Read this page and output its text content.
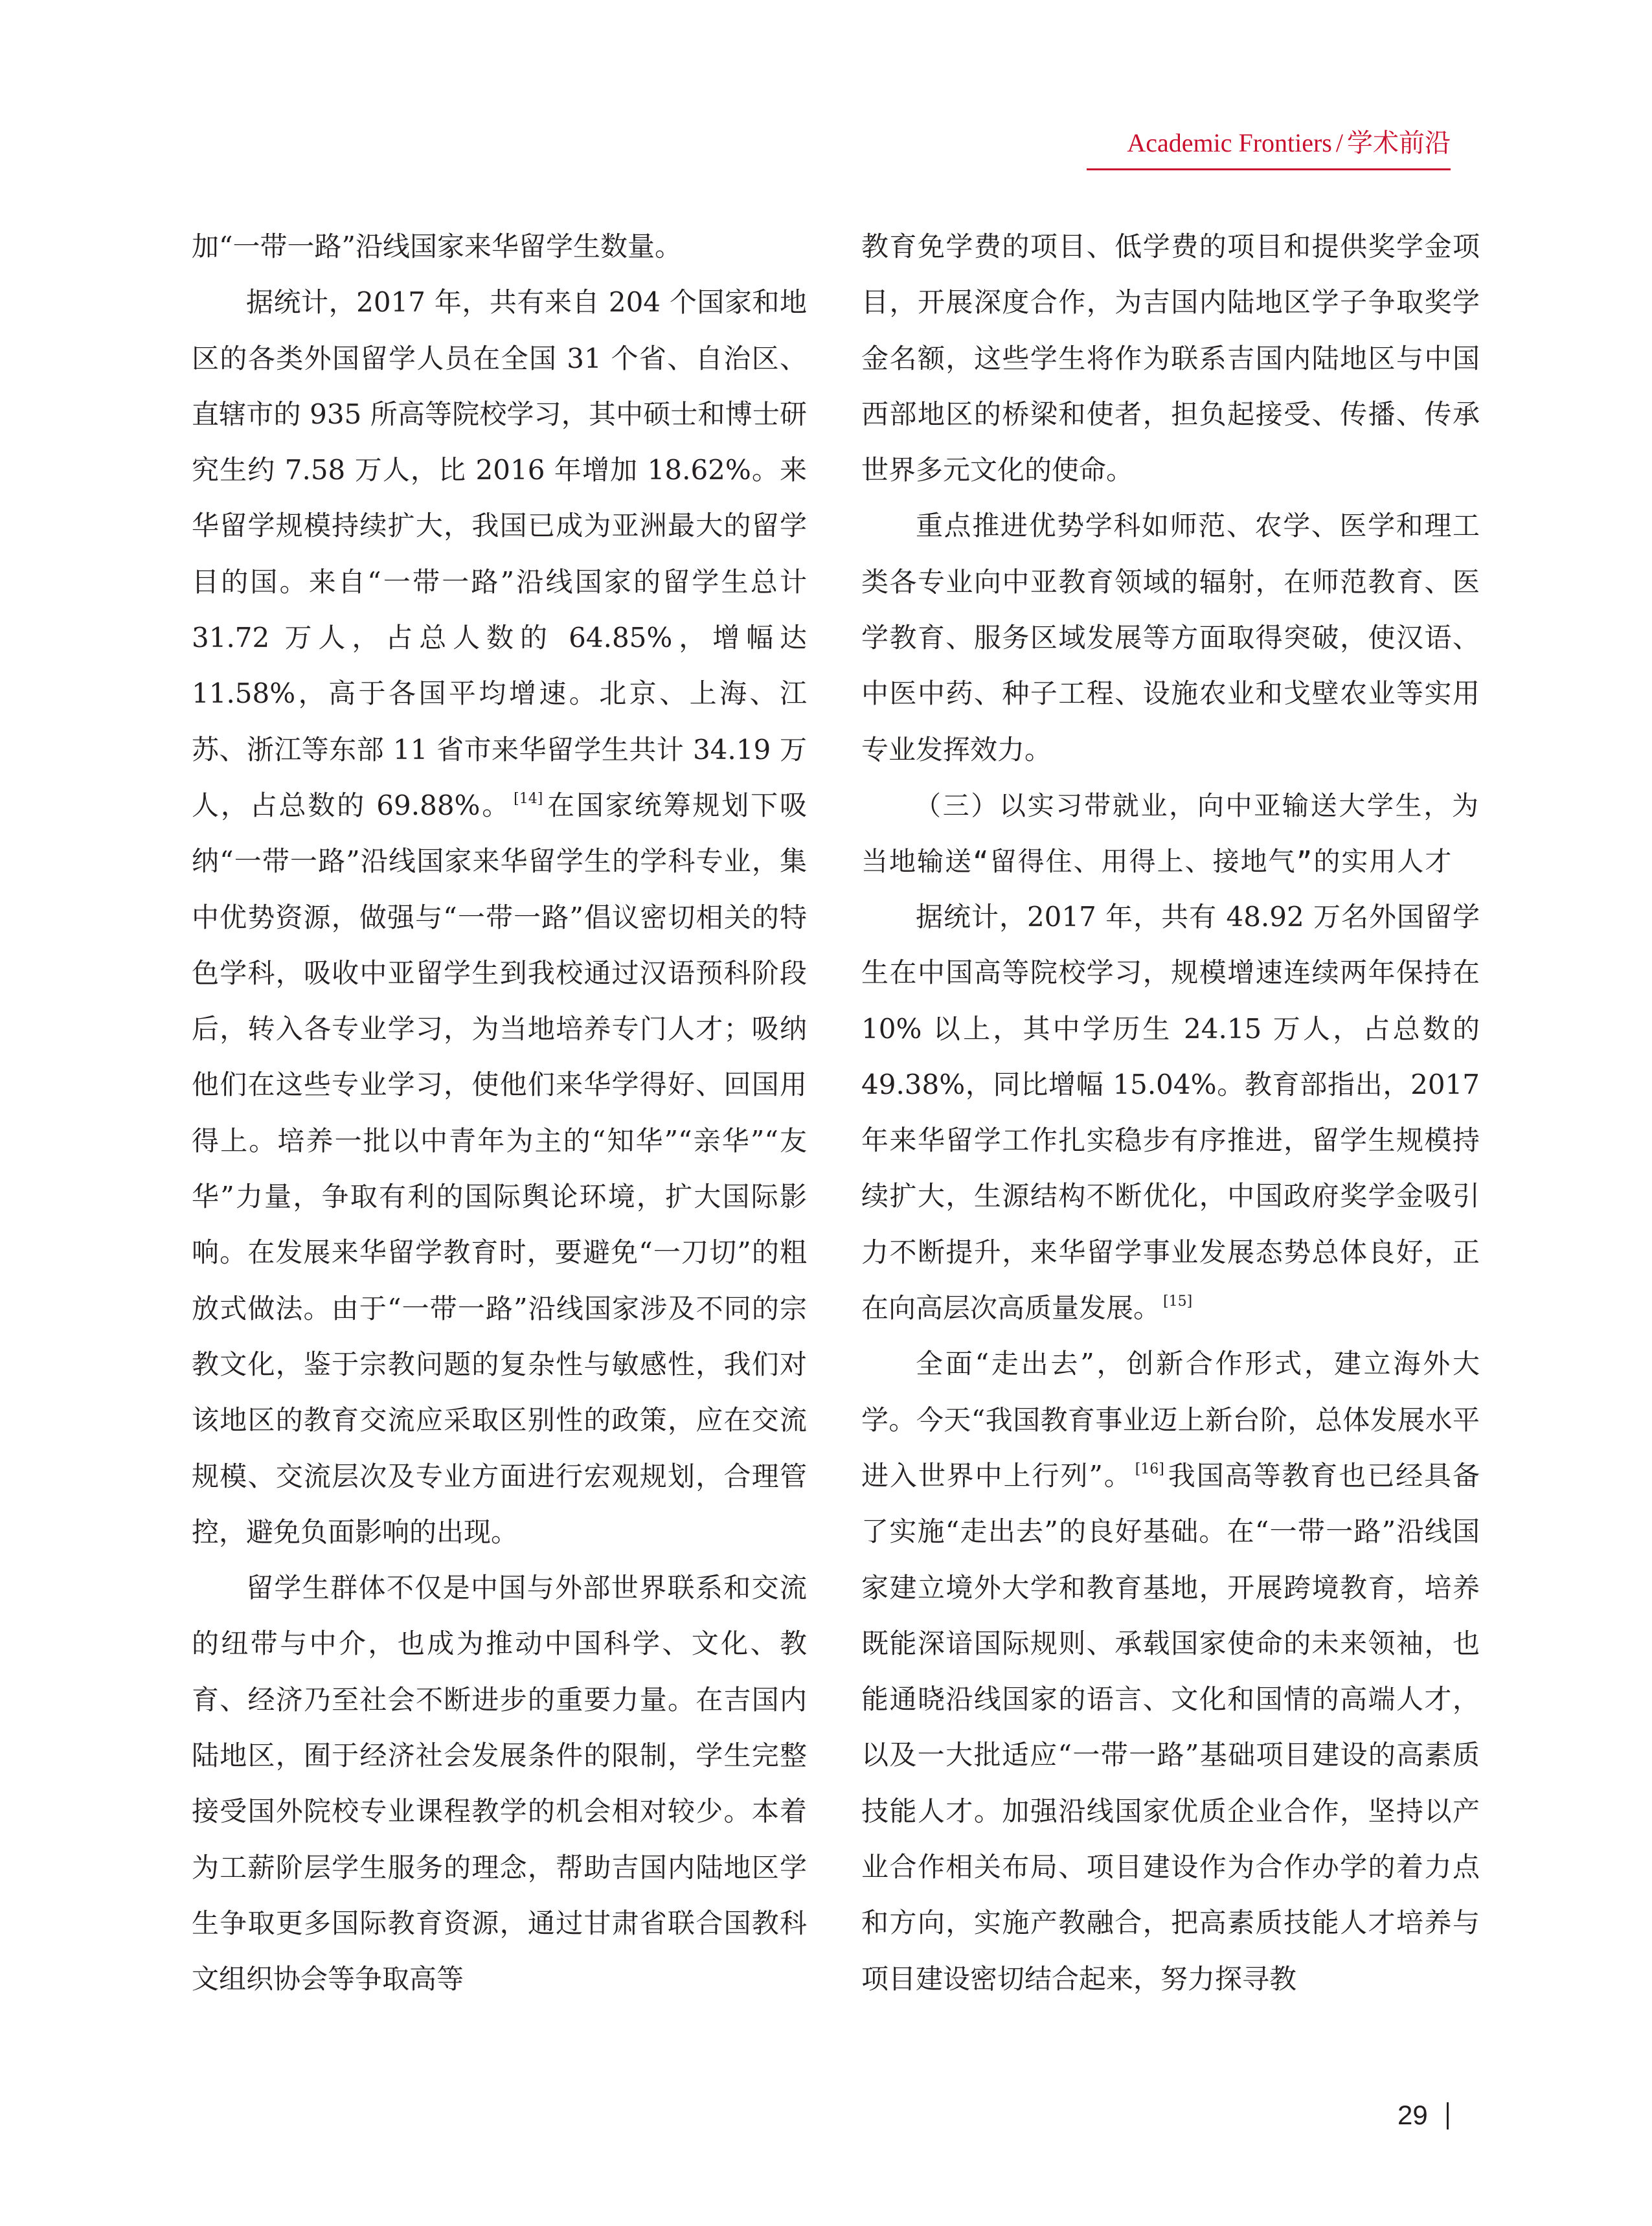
Academic Frontiers / 学术前沿

加“一带一路”沿线国家来华留学生数量。

据统计，2017 年，共有来自 204 个国家和地区的各类外国留学人员在全国 31 个省、自治区、直辖市的 935 所高等院校学习，其中硕士和博士研究生约 7.58 万人，比 2016 年增加 18.62%。来华留学规模持续扩大，我国已成为亚洲最大的留学目的国。来自“一带一路”沿线国家的留学生总计 31.72 万人，占总人数的 64.85%，增幅达 11.58%，高于各国平均增速。北京、上海、江苏、浙江等东部 11 省市来华留学生共计 34.19 万人，占总数的 69.88%。 [14]在国家统筹规划下吸纳“一带一路”沿线国家来华留学生的学科专业，集中优势资源，做强与“一带一路”倡议密切相关的特色学科，吸收中亚留学生到我校通过汉语预科阶段后，转入各专业学习，为当地培养专门人才；吸纳他们在这些专业学习，使他们来华学得好、回国用得上。培养一批以中青年为主的“知华”“亲华”“友华”力量，争取有利的国际舆论环境，扩大国际影响。在发展来华留学教育时，要避免“一刀切”的粗放式做法。由于“一带一路”沿线国家涉及不同的宗教文化，鉴于宗教问题的复杂性与敏感性，我们对该地区的教育交流应采取区别性的政策，应在交流规模、交流层次及专业方面进行宏观规划，合理管控，避免负面影响的出现。

留学生群体不仅是中国与外部世界联系和交流的纽带与中介，也成为推动中国科学、文化、教育、经济乃至社会不断进步的重要力量。在吉国内陆地区，囿于经济社会发展条件的限制，学生完整接受国外院校专业课程教学的机会相对较少。本着为工薪阶层学生服务的理念，帮助吉国内陆地区学生争取更多国际教育资源，通过甘肃省联合国教科文组织协会等争取高等

教育免学费的项目、低学费的项目和提供奖学金项目，开展深度合作，为吉国内陆地区学子争取奖学金名额，这些学生将作为联系吉国内陆地区与中国西部地区的桥梁和使者，担负起接受、传播、传承世界多元文化的使命。

重点推进优势学科如师范、农学、医学和理工类各专业向中亚教育领域的辐射，在师范教育、医学教育、服务区域发展等方面取得突破，使汉语、中医中药、种子工程、设施农业和戈壁农业等实用专业发挥效力。

（三）以实习带就业，向中亚输送大学生，为当地输送“留得住、用得上、接地气”的实用人才

据统计，2017 年，共有 48.92 万名外国留学生在中国高等院校学习，规模增速连续两年保持在 10% 以上，其中学历生 24.15 万人，占总数的 49.38%，同比增幅 15.04%。教育部指出，2017 年来华留学工作扎实稳步有序推进，留学生规模持续扩大，生源结构不断优化，中国政府奖学金吸引力不断提升，来华留学事业发展态势总体良好，正在向高层次高质量发展。 [15]

全面“走出去”，创新合作形式，建立海外大学。今天“我国教育事业迈上新台阶，总体发展水平进入世界中上行列”。 [16]我国高等教育也已经具备了实施“走出去”的良好基础。在“一带一路”沿线国家建立境外大学和教育基地，开展跨境教育，培养既能深谙国际规则、承载国家使命的未来领袖，也能通晓沿线国家的语言、文化和国情的高端人才，以及一大批适应“一带一路”基础项目建设的高素质技能人才。加强沿线国家优质企业合作，坚持以产业合作相关布局、项目建设作为合作办学的着力点和方向，实施产教融合，把高素质技能人才培养与项目建设密切结合起来，努力探寻教

29
